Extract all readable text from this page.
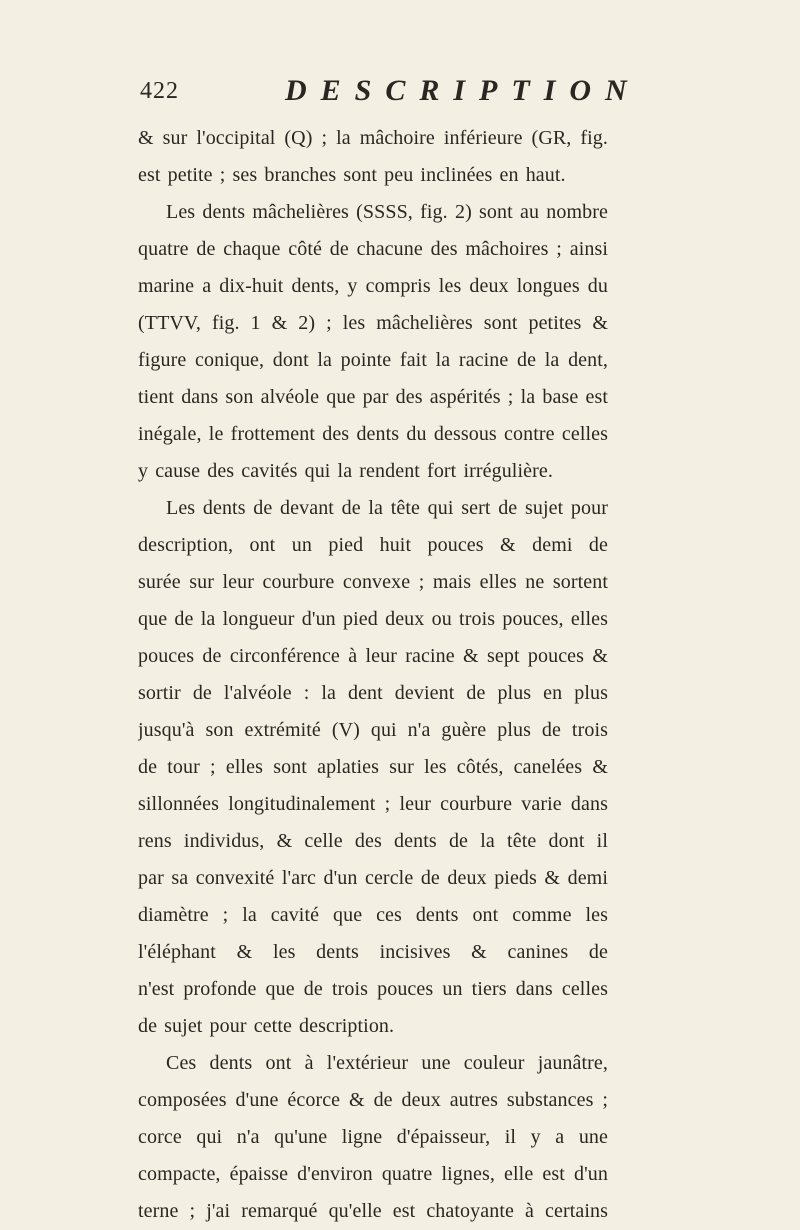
422	DESCRIPTION
& sur l'occipital (Q) ; la mâchoire inférieure (GR, fig.
est petite ; ses branches sont peu inclinées en haut.
Les dents mâchelières (SSSS, fig. 2) sont au nombre
quatre de chaque côté de chacune des mâchoires ; ainsi
marine a dix-huit dents, y compris les deux longues du
(TTVV, fig. 1 & 2) ; les mâchelières sont petites &
figure conique, dont la pointe fait la racine de la dent,
tient dans son alvéole que par des aspérités ; la base est
inégale, le frottement des dents du dessous contre celles
y cause des cavités qui la rendent fort irrégulière.
Les dents de devant de la tête qui sert de sujet pour
description, ont un pied huit pouces & demi de
surée sur leur courbure convexe ; mais elles ne sortent
que de la longueur d'un pied deux ou trois pouces, elles
pouces de circonférence à leur racine & sept pouces &
sortir de l'alvéole : la dent devient de plus en plus
jusqu'à son extrémité (V) qui n'a guère plus de trois
de tour ; elles sont aplaties sur les côtés, canelées &
sillonnées longitudinalement ; leur courbure varie dans
rens individus, & celle des dents de la tête dont il
par sa convexité l'arc d'un cercle de deux pieds & demi
diamètre ; la cavité que ces dents ont comme les
l'éléphant & les dents incisives & canines de
n'est profonde que de trois pouces un tiers dans celles
de sujet pour cette description.
Ces dents ont à l'extérieur une couleur jaunâtre,
composées d'une écorce & de deux autres substances ;
corce qui n'a qu'une ligne d'épaisseur, il y a une
compacte, épaisse d'environ quatre lignes, elle est d'un
terne ; j'ai remarqué qu'elle est chatoyante à certains
